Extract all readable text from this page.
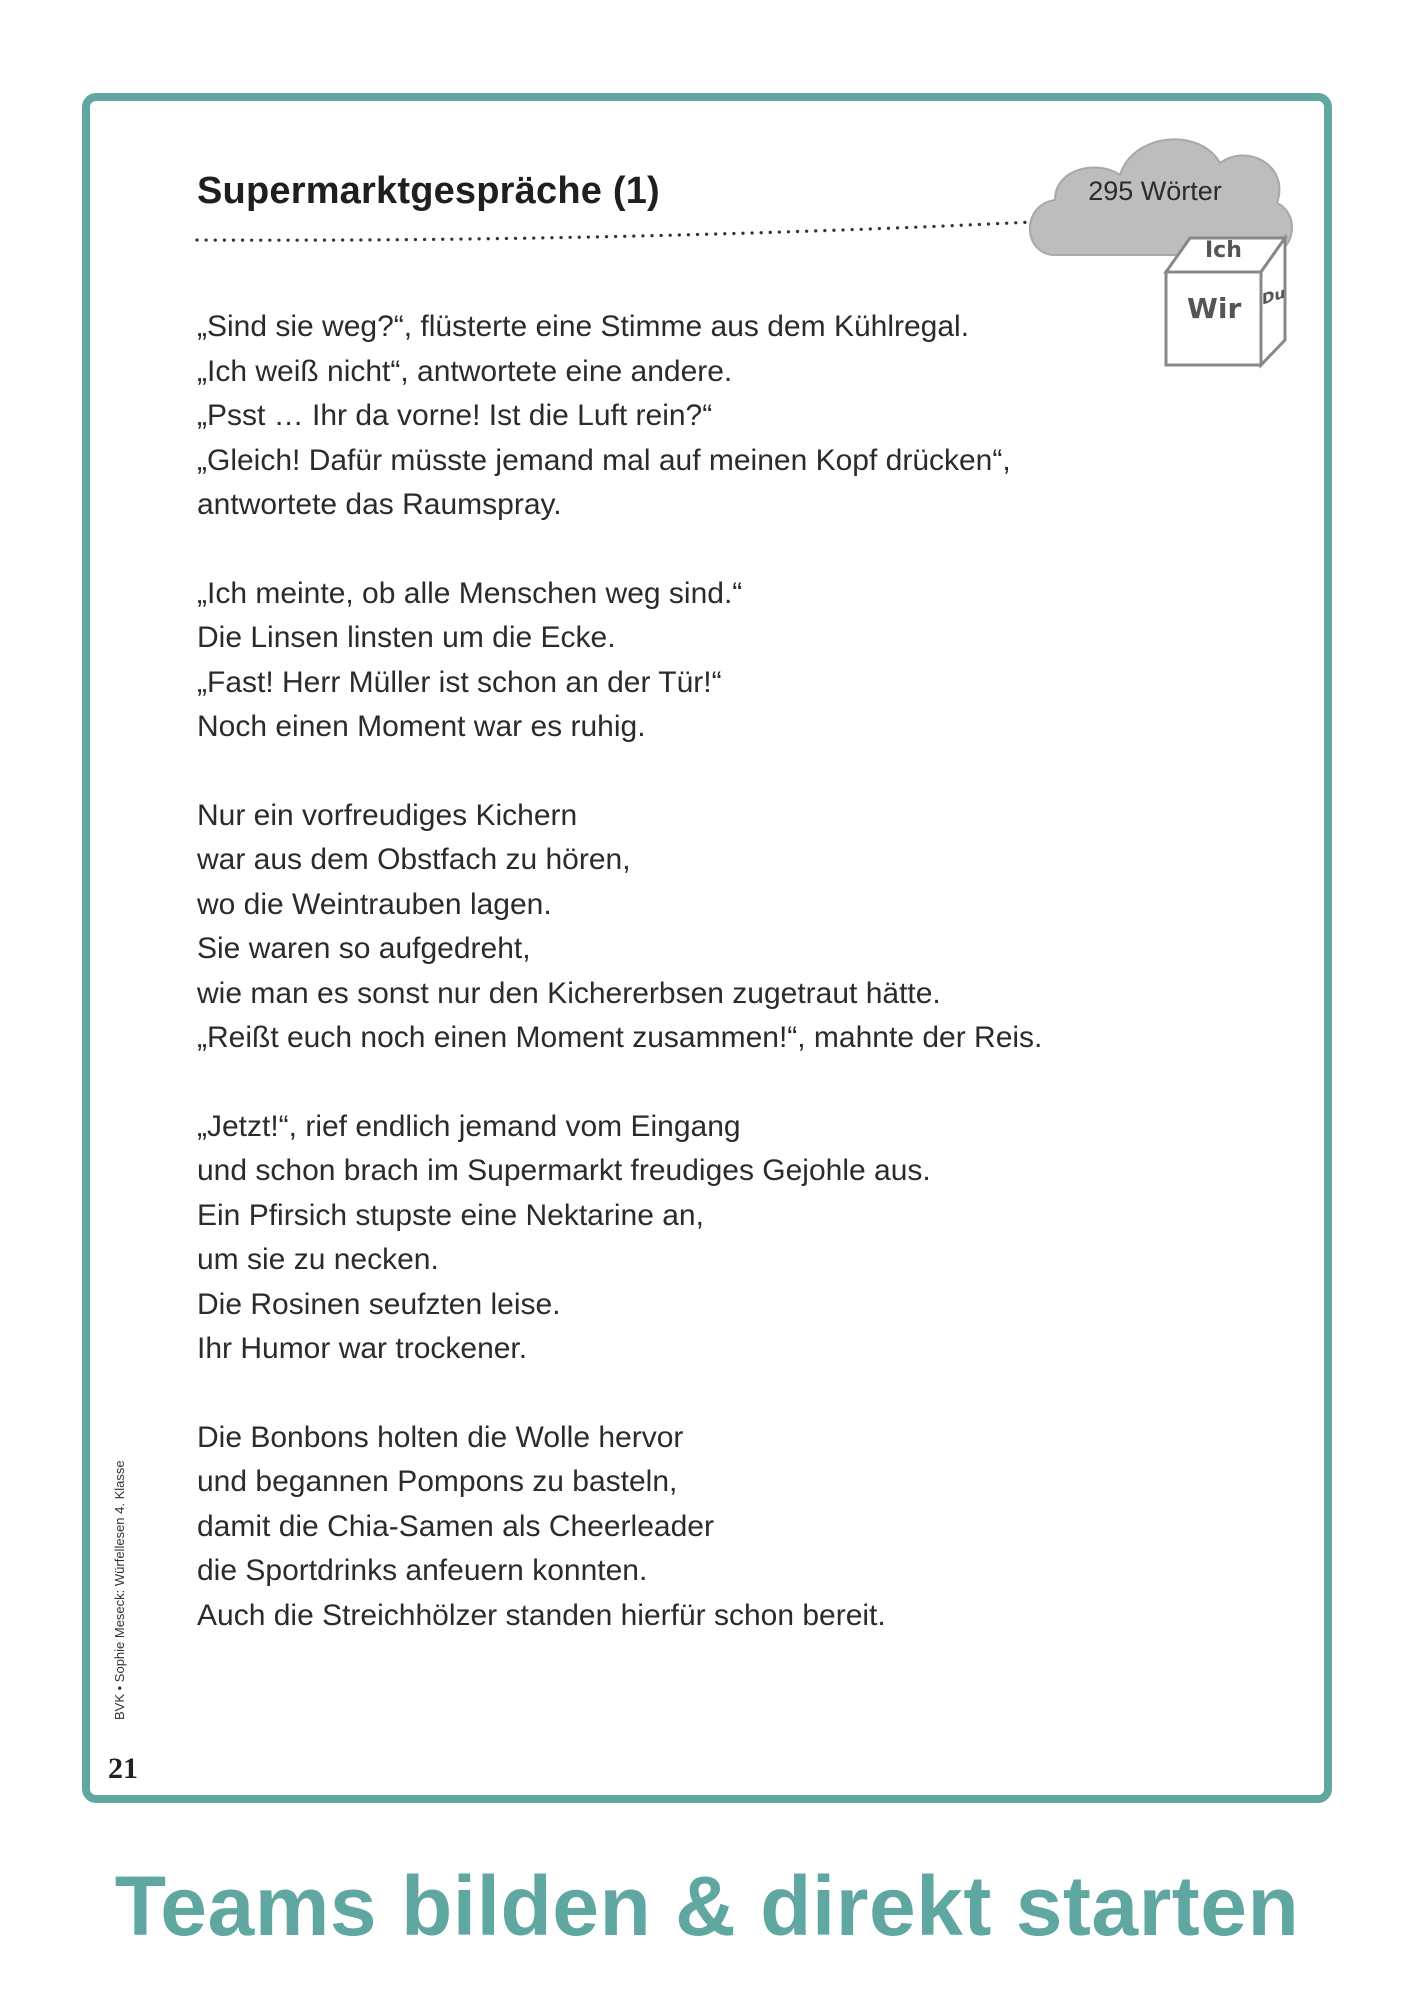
Supermarktgespräche (1)	295 Wörter
Ich
Wir Du
„Sind sie weg?“, flüsterte eine Stimme aus dem Kühlregal.
„Ich weiß nicht“, antwortete eine andere.
„Psst … Ihr da vorne! Ist die Luft rein?“
„Gleich! Dafür müsste jemand mal auf meinen Kopf drücken“,
antwortete das Raumspray.
„Ich meinte, ob alle Menschen weg sind.“
Die Linsen linsten um die Ecke.
„Fast! Herr Müller ist schon an der Tür!“
Noch einen Moment war es ruhig.
Nur ein vorfreudiges Kichern
war aus dem Obstfach zu hören,
wo die Weintrauben lagen.
Sie waren so aufgedreht,
wie man es sonst nur den Kichererbsen zugetraut hätte.
„Reißt euch noch einen Moment zusammen!“, mahnte der Reis.
„Jetzt!“, rief endlich jemand vom Eingang
und schon brach im Supermarkt freudiges Gejohle aus.
Ein Pfirsich stupste eine Nektarine an,
um sie zu necken.
Die Rosinen seufzten leise.
Ihr Humor war trockener.
Die Bonbons holten die Wolle hervor
und begannen Pompons zu basteln,
damit die Chia-Samen als Cheerleader
die Sportdrinks anfeuern konnten.
Auch die Streichhölzer standen hierfür schon bereit.
BVK • Sophie Meseck: Würfellesen 4. Klasse
21
Teams bilden & direkt starten
